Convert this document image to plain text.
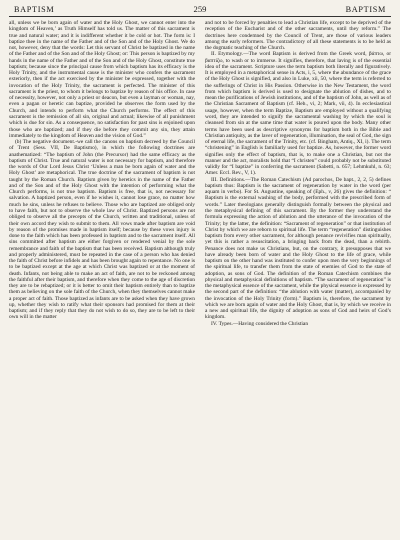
BAPTISM	259	BAPTISM

all, unless we be born again of water and the Holy Ghost, we cannot enter into the kingdom of Heaven,’ as Truth Himself has told us. The matter of this sacrament is true and natural water; and it is indifferent whether it be cold or hot. The form is: I baptize thee in the name of the Father and of the Son and of the Holy Ghost. We do not, however, deny that the words: Let this servant of Christ be baptized in the name of the Father and of the Son and of the Holy Ghost; or: This person is baptized by my hands in the name of the Father and of the Son and of the Holy Ghost, constitute true baptism; because since the principal cause from which baptism has its efficacy is the Holy Trinity, and the instrumental cause is the minister who confers the sacrament exteriorly, then if the act exercised by the minister be expressed, together with the invocation of the Holy Trinity, the sacrament is perfected. The minister of this sacrament is the priest, to whom it belongs to baptize by reason of his office. In case of necessity, however, not only a priest or deacon, but even a layman or woman, nay, even a pagan or heretic can baptize, provided he observes the form used by the Church, and intends to perform what the Church performs. The effect of this sacrament is the remission of all sin, original and actual; likewise of all punishment which is due for sin. As a consequence, no satisfaction for past sins is enjoined upon those who are baptized; and if they die before they commit any sin, they attain immediately to the kingdom of Heaven and the vision of God.”

(b) The negative document.-we call the canons on baptism decreed by the Council of Trent (Sess. VII, De Baptismo), in which the following doctrines are anathematized: “The baptism of John (the Precursor) had the same efficacy as the baptism of Christ. True and natural water is not necessary for baptism, and therefore the words of Our Lord Jesus Christ ‘Unless a man be born again of water and the Holy Ghost’ are metaphorical. The true doctrine of the sacrament of baptism is not taught by the Roman Church. Baptism given by heretics in the name of the Father and of the Son and of the Holy Ghost with the intention of performing what the Church performs, is not true baptism. Baptism is free, that is, not necessary for salvation. A baptized person, even if he wishes it, cannot lose grace, no matter how much he sins, unless he refuses to believe. Those who are baptized are obliged only to have faith, but not to observe the whole law of Christ. Baptized persons are not obliged to observe all the precepts of the Church, written and traditional, unless of their own accord they wish to submit to them. All vows made after baptism are void by reason of the promises made in baptism itself; because by these vows injury is done to the faith which has been professed in baptism and to the sacrament itself. All sins committed after baptism are either forgiven or rendered venial by the sole remembrance and faith of the baptism that has been received. Baptism although truly and properly administered, must be repeated in the case of a person who has denied the faith of Christ before infidels and has been brought again to repentance. No one is to be baptized except at the age at which Christ was baptized or at the moment of death. Infants, not being able to make an act of faith, are not to be reckoned among the faithful after their baptism, and therefore when they come to the age of discretion they are to be rebaptized; or it is better to omit their baptism entirely than to baptize them as believing on the sole faith of the Church, when they themselves cannot make a proper act of faith. Those baptized as infants are to be asked when they have grown up, whether they wish to ratify what their sponsors had promised for them at their baptism; and if they reply that they do not wish to do so, they are to be left to their own will in the matter

and not to be forced by penalties to lead a Christian life, except to be deprived of the reception of the Eucharist and of the other sacraments, until they reform.” The doctrines here condemned by the Council of Trent, are those of various leaders among the early reformers. The contradictory of all these statements is to be held as the dogmatic teaching of the Church.

II. Etymology.—The word Baptism is derived from the Greek word, βάπτω, or βαπτίζω, to wash or to immerse. It signifies, therefore, that laving is of the essential idea of the sacrament. Scripture uses the term baptism both literally and figuratively. It is employed in a metaphorical sense in Acts, i, 5, where the abundance of the grace of the Holy Ghost is signified, and also in Luke, xii, 50, where the term is referred to the sufferings of Christ in His Passion. Otherwise in the New Testament, the word from which baptism is derived is used to designate the ablution of dishes, and to mean the purifications of Jewish institutions, and of the baptism of John, as well as of the Christian Sacrament of Baptism (cf. Heb., vi, 2; Mark, vii, 4). In ecclesiastical usage, however, when the term Baptize, Baptism are employed without a qualifying word, they are intended to signify the sacramental washing by which the soul is cleansed from sin at the same time that water is poured upon the body. Many other terms have been used as descriptive synonyms for baptism both in the Bible and Christian antiquity, as the laver of regeneration, illumination, the seal of God, the sign of eternal life, the sacrament of the Trinity, etc. (cf. Bingham, Antiq., XI, i). The term “christening” in English is familiarly used for baptize. As, however, the former word signifies only the effect of baptism, that is, to make one a Christian, but not the manner and the act, moralists hold that “I christen” could probably not be substituted validly for “I baptize” in conferring the sacrament (Sabetti, n. 657; Lehmkuhl, n. 63; Amer. Eccl. Rev., V, 1).

III. Definitions.—The Roman Catechism (Ad parochos, De bapt., 2, 2, 5) defines baptism thus: Baptism is the sacrament of regeneration by water in the word (per aquam in verbo). For St. Augustine, speaking of (Eph., v, 26) gives the definition: “ Baptism is the external washing of the body, performed with the prescribed form of words.” Later theologians generally distinguish formally between the physical and the metaphysical defining of this sacrament. By the former they understand the formula expressing the action of ablution and the utterance of the invocation of the Trinity; by the latter, the definition: “Sacrament of regeneration” or that institution of Christ by which we are reborn to spiritual life. The term “regeneration” distinguishes baptism from every other sacrament, for although penance revivifies man spiritually, yet this is rather a resuscitation, a bringing back from the dead, than a rebirth. Penance does not make us Christians, but, on the contrary, it presupposes that we have already been born of water and the Holy Ghost to the life of grace, while baptism on the other hand was instituted to confer upon men the very beginnings of the spiritual life, to transfer them from the state of enemies of God to the state of adoption, as sons of God. The definition of the Roman Catechism combines the physical and metaphysical definitions of baptism. “The sacrament of regeneration” is the metaphysical essence of the sacrament, while the physical essence is expressed by the second part of the definition: “the ablution with water (matter), accompanied by the invocation of the Holy Trinity (form).” Baptism is, therefore, the sacrament by which we are born again of water and the Holy Ghost, that is, by which we receive in a new and spiritual life, the dignity of adoption as sons of God and heirs of God’s kingdom.

IV. Types.—Having considered the Christian
